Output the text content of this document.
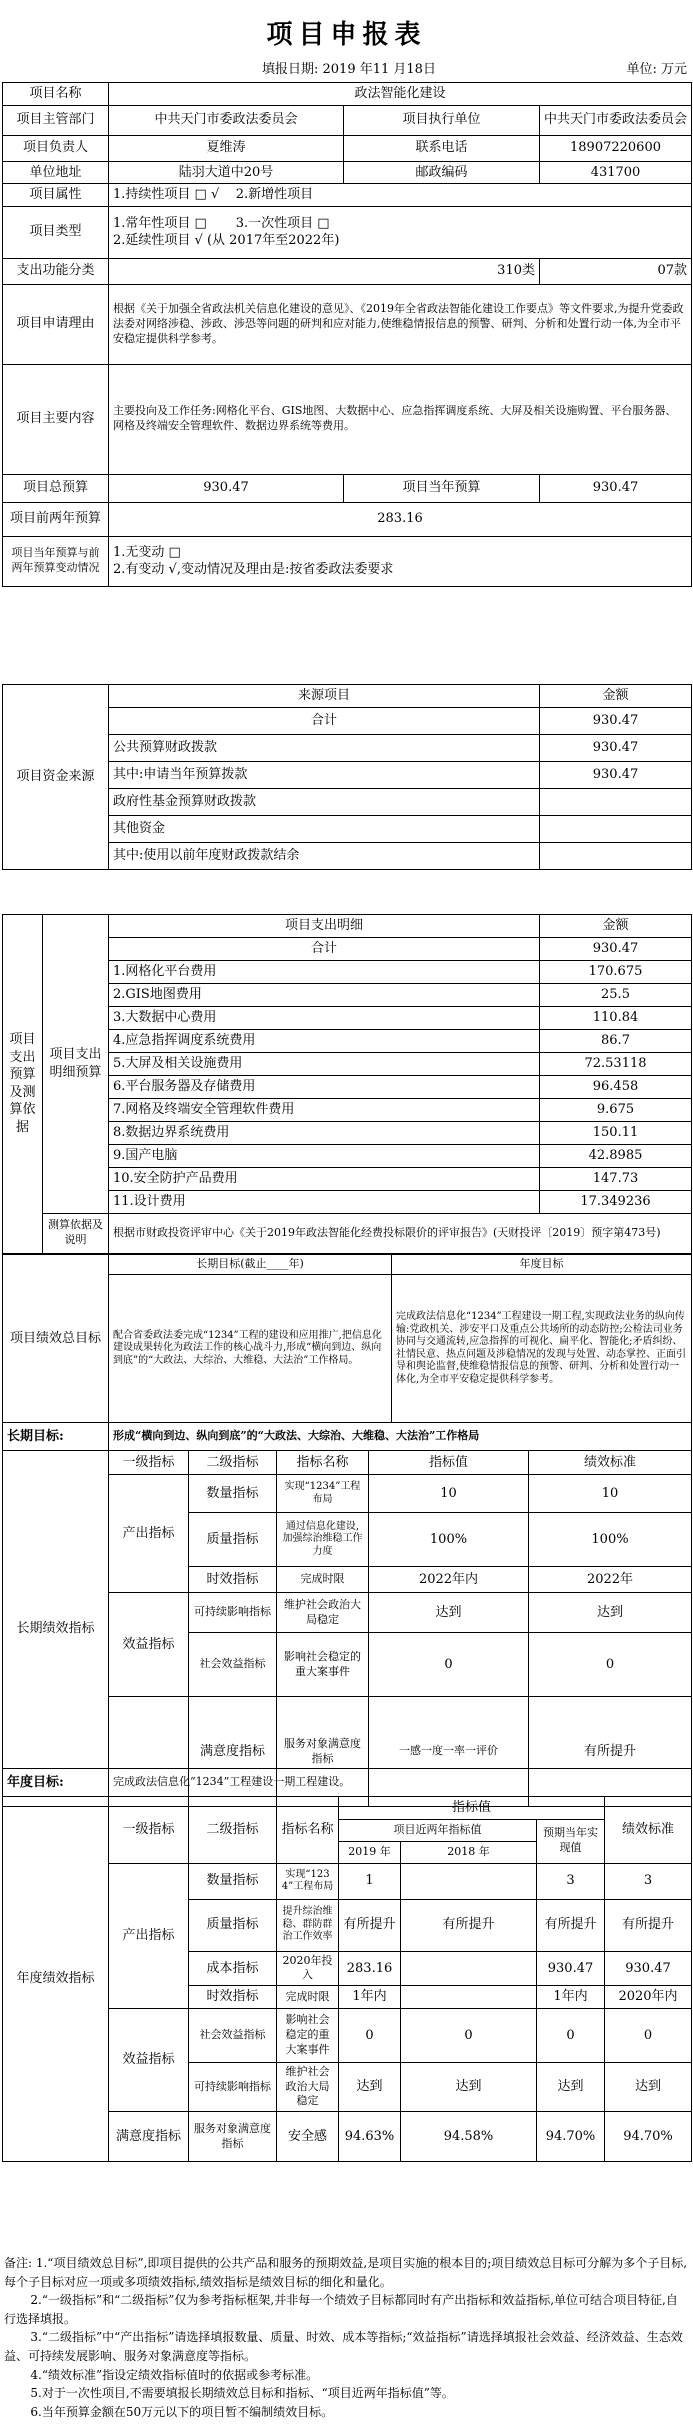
项目申报表
填报日期: 2019 年11 月18日	单位: 万元
项目名称	政法智能化建设		
项目主管部门	中共天门市委政法委员会	项目执行单位	中共天门市委政法委员会
项目负责人	夏维涛	联系电话	18907220600
单位地址	陆羽大道中20号	邮政编码	431700
项目属性	1.持续性项目 □ √ 2.新增性项目		
项目类型	1.常年性项目 □ 3.一次性项目 □
2.延续性项目 √ (从 2017年至2022年)		
支出功能分类	310类		07款
项目申请理由	根据《关于加强全省政法机关信息化建设的意见》、《2019年全省政法智能化建设工作要点》等文件要求,为提升党委政法委对网络涉稳、涉政、涉恐等问题的研判和应对能力,使维稳情报信息的预警、研判、分析和处置行动一体,为全市平安稳定提供科学参考。		
项目主要内容	主要投向及工作任务:网格化平台、GIS地图、大数据中心、应急指挥调度系统、大屏及相关设施购置、平台服务器、网格及终端安全管理软件、数据边界系统等费用。		
项目总预算	930.47	项目当年预算	930.47
项目前两年预算	283.16		
项目当年预算与前两年预算变动情况	1.无变动 □
2.有变动 √,变动情况及理由是:按省委政法委要求		
项目资金来源	来源项目	金额
	合计	930.47
	公共预算财政拨款	930.47
	其中:申请当年预算拨款	930.47
	政府性基金预算财政拨款	
	其他资金	
	其中:使用以前年度财政拨款结余	
项目支出预算及测算依据	项目支出明细预算	项目支出明细	金额
		合计	930.47
		1.网格化平台费用	170.675
		2.GIS地图费用	25.5
		3.大数据中心费用	110.84
		4.应急指挥调度系统费用	86.7
		5.大屏及相关设施费用	72.53118
		6.平台服务器及存储费用	96.458
		7.网格及终端安全管理软件费用	9.675
		8.数据边界系统费用	150.11
		9.国产电脑	42.8985
		10.安全防护产品费用	147.73
		11.设计费用	17.349236
	测算依据及说明	根据市财政投资评审中心《关于2019年政法智能化经费投标限价的评审报告》(天财投评〔2019〕预字第473号)	
项目绩效总目标	长期目标(截止____年)	年度目标
	配合省委政法委完成“1234”工程的建设和应用推广,把信息化建设成果转化为政法工作的核心战斗力,形成“横向到边、纵向到底”的“大政法、大综治、大维稳、大法治”工作格局。	完成政法信息化“1234”工程建设一期工程,实现政法业务的纵向传输:党政机关、涉安平口及重点公共场所的动态防控;公检法司业务协同与交通流转,应急指挥的可视化、扁平化、智能化;矛盾纠纷、社情民意、热点问题及涉稳情况的发现与处置、动态掌控、正面引导和舆论监督,使维稳情报信息的预警、研判、分析和处置行动一体化,为全市平安稳定提供科学参考。
长期目标:	形成“横向到边、纵向到底”的“大政法、大综治、大维稳、大法治”工作格局					
长期绩效指标	一级指标	二级指标	指标名称	指标值	绩效标准	
	产出指标	数量指标	实现“1234”工程布局	10	10	
		质量指标	通过信息化建设,加强综治维稳工作力度	100%	100%	
		时效指标	完成时限	2022年内	2022年	
	效益指标	可持续影响指标	维护社会政治大局稳定	达到	达到	
		社会效益指标	影响社会稳定的重大案事件	0	0	
		满意度指标	服务对象满意度指标	一感一度一率一评价	有所提升	
年度目标:	完成政法信息化“1234”工程建设一期工程建设。						
年度绩效指标	一级指标	二级指标	指标名称	指标值			绩效标准
				项目近两年指标值		预期当年实现值	
				2019 年	2018 年		
	产出指标	数量指标	实现“1234”工程布局	1		3	3
		质量指标	提升综治维稳、群防群治工作效率	有所提升	有所提升	有所提升	有所提升
		成本指标	2020年投入	283.16		930.47	930.47
		时效指标	完成时限	1年内		1年内	2020年内
	效益指标	社会效益指标	影响社会稳定的重大案事件	0	0	0	0
		可持续影响指标	维护社会政治大局稳定	达到	达到	达到	达到
	满意度指标	服务对象满意度指标	安全感	94.63%	94.58%	94.70%	94.70%

备注: 1.“项目绩效总目标”,即项目提供的公共产品和服务的预期效益,是项目实施的根本目的;项目绩效总目标可分解为多个子目标,每个子目标对应一项或多项绩效指标,绩效指标是绩效目标的细化和量化。

2.“一级指标”和“二级指标”仅为参考指标框架,并非每一个绩效子目标都同时有产出指标和效益指标,单位可结合项目特征,自行选择填报。

3.“二级指标”中“产出指标”请选择填报数量、质量、时效、成本等指标;“效益指标”请选择填报社会效益、经济效益、生态效益、可持续发展影响、服务对象满意度等指标。

4.“绩效标准”指设定绩效指标值时的依据或参考标准。

5.对于一次性项目,不需要填报长期绩效总目标和指标、“项目近两年指标值”等。

6.当年预算金额在50万元以下的项目暂不编制绩效目标。
